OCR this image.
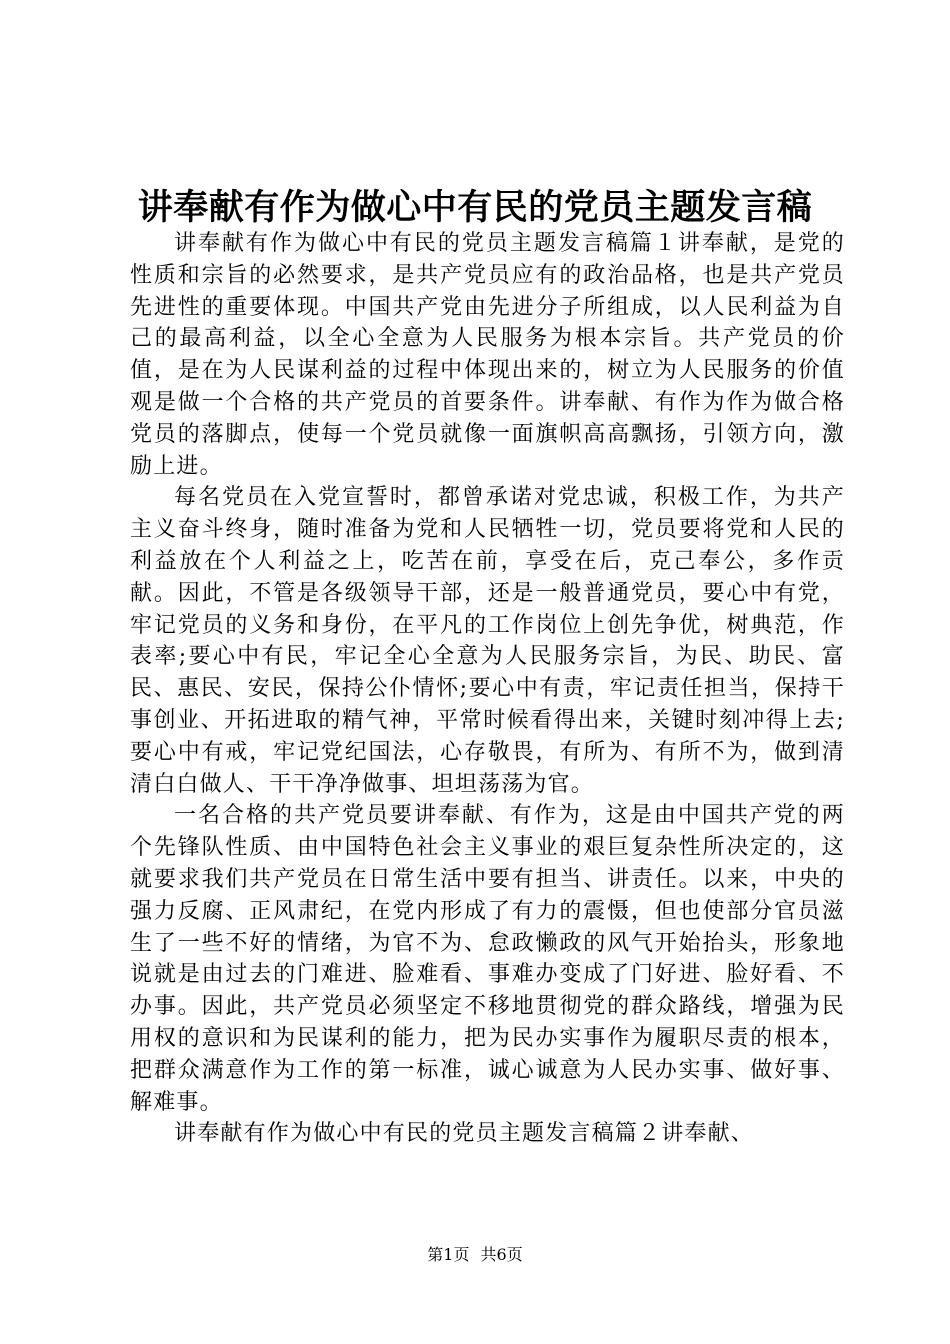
讲奉献有作为做心中有民的党员主题发言稿

讲奉献有作为做心中有民的党员主题发言稿篇１讲奉献，是党的性质和宗旨的必然要求，是共产党员应有的政治品格，也是共产党员先进性的重要体现。中国共产党由先进分子所组成，以人民利益为自己的最高利益，以全心全意为人民服务为根本宗旨。共产党员的价值，是在为人民谋利益的过程中体现出来的，树立为人民服务的价值观是做一个合格的共产党员的首要条件。讲奉献、有作为作为做合格党员的落脚点，使每一个党员就像一面旗帜高高飘扬，引领方向，激励上进。

每名党员在入党宣誓时，都曾承诺对党忠诚，积极工作，为共产主义奋斗终身，随时准备为党和人民牺牲一切，党员要将党和人民的利益放在个人利益之上，吃苦在前，享受在后，克己奉公，多作贡献。因此，不管是各级领导干部，还是一般普通党员，要心中有党，牢记党员的义务和身份，在平凡的工作岗位上创先争优，树典范，作表率;要心中有民，牢记全心全意为人民服务宗旨，为民、助民、富民、惠民、安民，保持公仆情怀;要心中有责，牢记责任担当，保持干事创业、开拓进取的精气神，平常时候看得出来，关键时刻冲得上去;要心中有戒，牢记党纪国法，心存敬畏，有所为、有所不为，做到清清白白做人、干干净净做事、坦坦荡荡为官。

一名合格的共产党员要讲奉献、有作为，这是由中国共产党的两个先锋队性质、由中国特色社会主义事业的艰巨复杂性所决定的，这就要求我们共产党员在日常生活中要有担当、讲责任。以来，中央的强力反腐、正风肃纪，在党内形成了有力的震慑，但也使部分官员滋生了一些不好的情绪，为官不为、怠政懒政的风气开始抬头，形象地说就是由过去的门难进、脸难看、事难办变成了门好进、脸好看、不办事。因此，共产党员必须坚定不移地贯彻党的群众路线，增强为民用权的意识和为民谋利的能力，把为民办实事作为履职尽责的根本，把群众满意作为工作的第一标准，诚心诚意为人民办实事、做好事、解难事。

讲奉献有作为做心中有民的党员主题发言稿篇２讲奉献、

第1页 共6页
